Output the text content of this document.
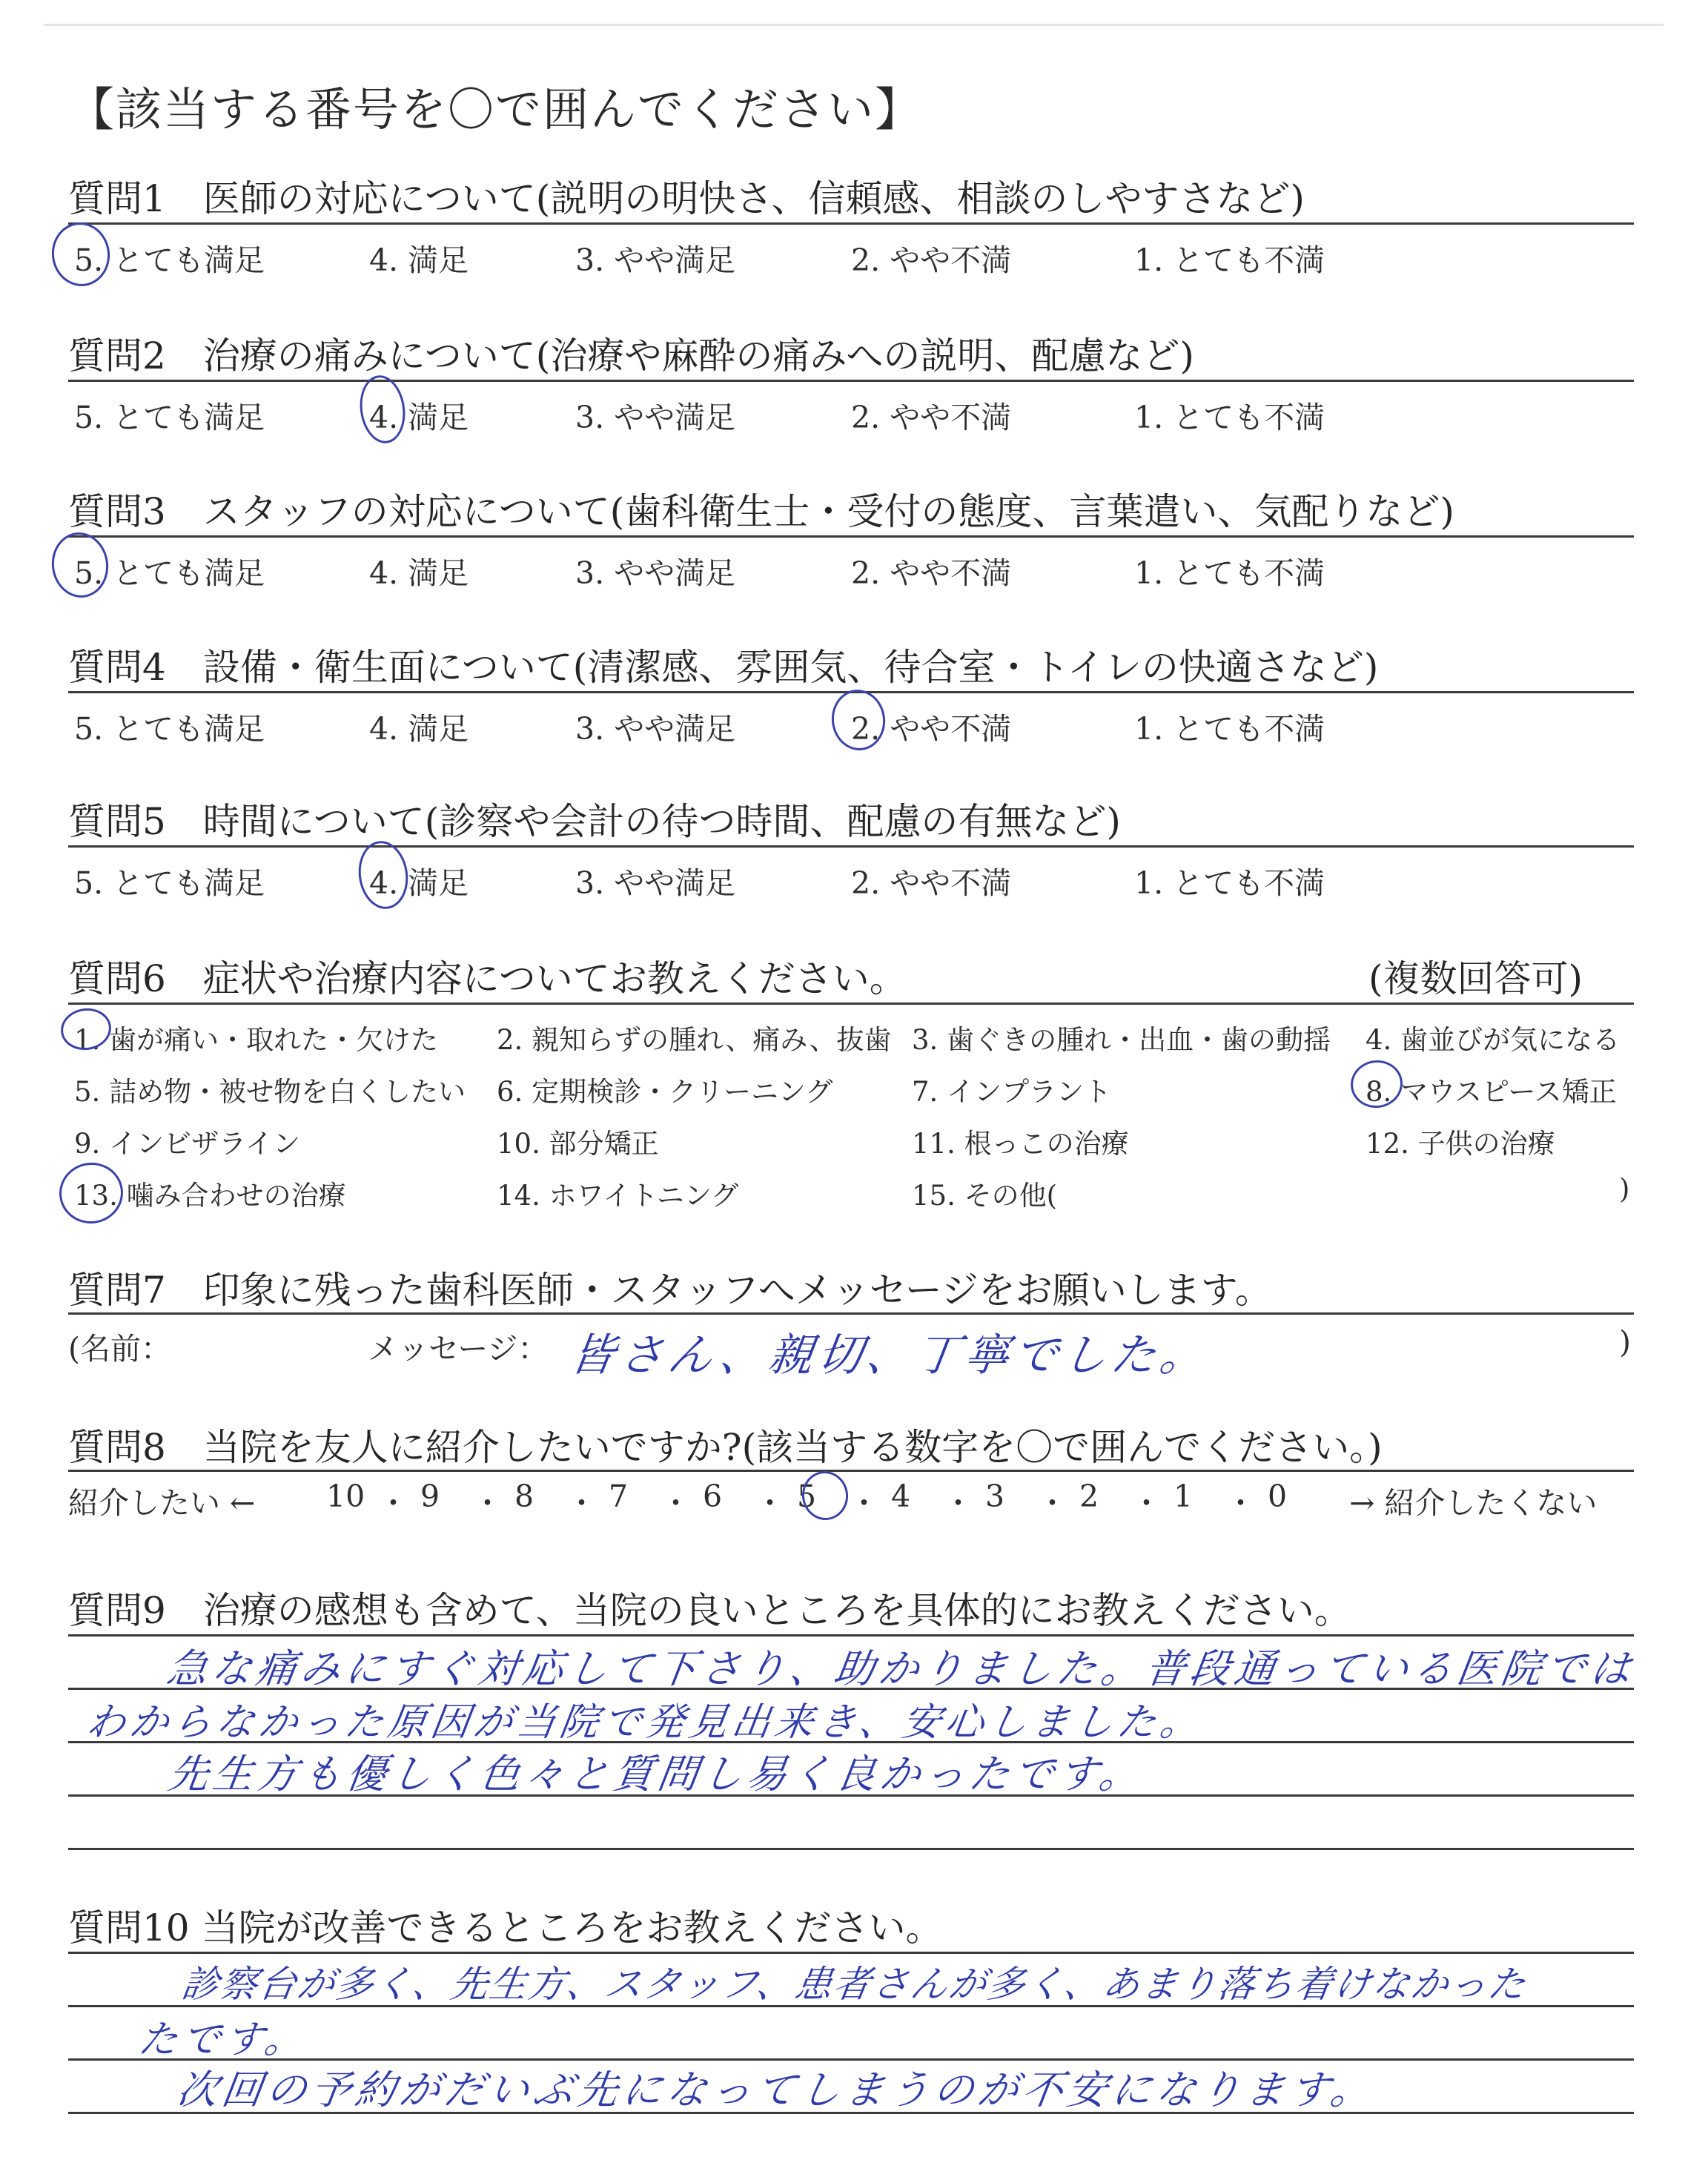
【該当する番号を〇で囲んでください】
質問1　医師の対応について(説明の明快さ、信頼感、相談のしやすさなど)
5. とても満足	4. 満足	3. やや満足	2. やや不満	1. とても不満
質問2　治療の痛みについて(治療や麻酔の痛みへの説明、配慮など)
5. とても満足	4. 満足	3. やや満足	2. やや不満	1. とても不満
質問3　スタッフの対応について(歯科衛生士・受付の態度、言葉遣い、気配りなど)
5. とても満足	4. 満足	3. やや満足	2. やや不満	1. とても不満
質問4　設備・衛生面について(清潔感、雰囲気、待合室・トイレの快適さなど)
5. とても満足	4. 満足	3. やや満足	2. やや不満	1. とても不満
質問5　時間について(診察や会計の待つ時間、配慮の有無など)
5. とても満足	4. 満足	3. やや満足	2. やや不満	1. とても不満
質問6　症状や治療内容についてお教えください。	(複数回答可)
1. 歯が痛い・取れた・欠けた 2. 親知らずの腫れ、痛み、抜歯 3. 歯ぐきの腫れ・出血・歯の動揺 4. 歯並びが気になる
5. 詰め物・被せ物を白くしたい 6. 定期検診・クリーニング	7. インプラント	8. マウスピース矯正
9. インビザライン	10. 部分矯正	11. 根っこの治療	12. 子供の治療
13. 噛み合わせの治療	14. ホワイトニング	15. その他(	)
質問7　印象に残った歯科医師・スタッフへメッセージをお願いします。
(名前：	メッセージ： 皆さん、親切、丁寧でした。	)
質問8　当院を友人に紹介したいですか?(該当する数字を〇で囲んでください。)
紹介したい ← 10 ・ 9 ・ 8 ・ 7 ・ 6 ・ 5 ・ 4 ・ 3 ・ 2 ・ 1 ・ 0 → 紹介したくない
質問9　治療の感想も含めて、当院の良いところを具体的にお教えください。
急な痛みにすぐ対応して下さり、助かりました。普段通っている医院では
わからなかった原因が当院で発見出来き、安心しました。
先生方も優しく色々と質問し易く良かったです。
質問10 当院が改善できるところをお教えください。
診察台が多く、先生方、スタッフ、患者さんが多く、あまり落ち着けなかった
たです。
次回の予約がだいぶ先になってしまうのが不安になります。
